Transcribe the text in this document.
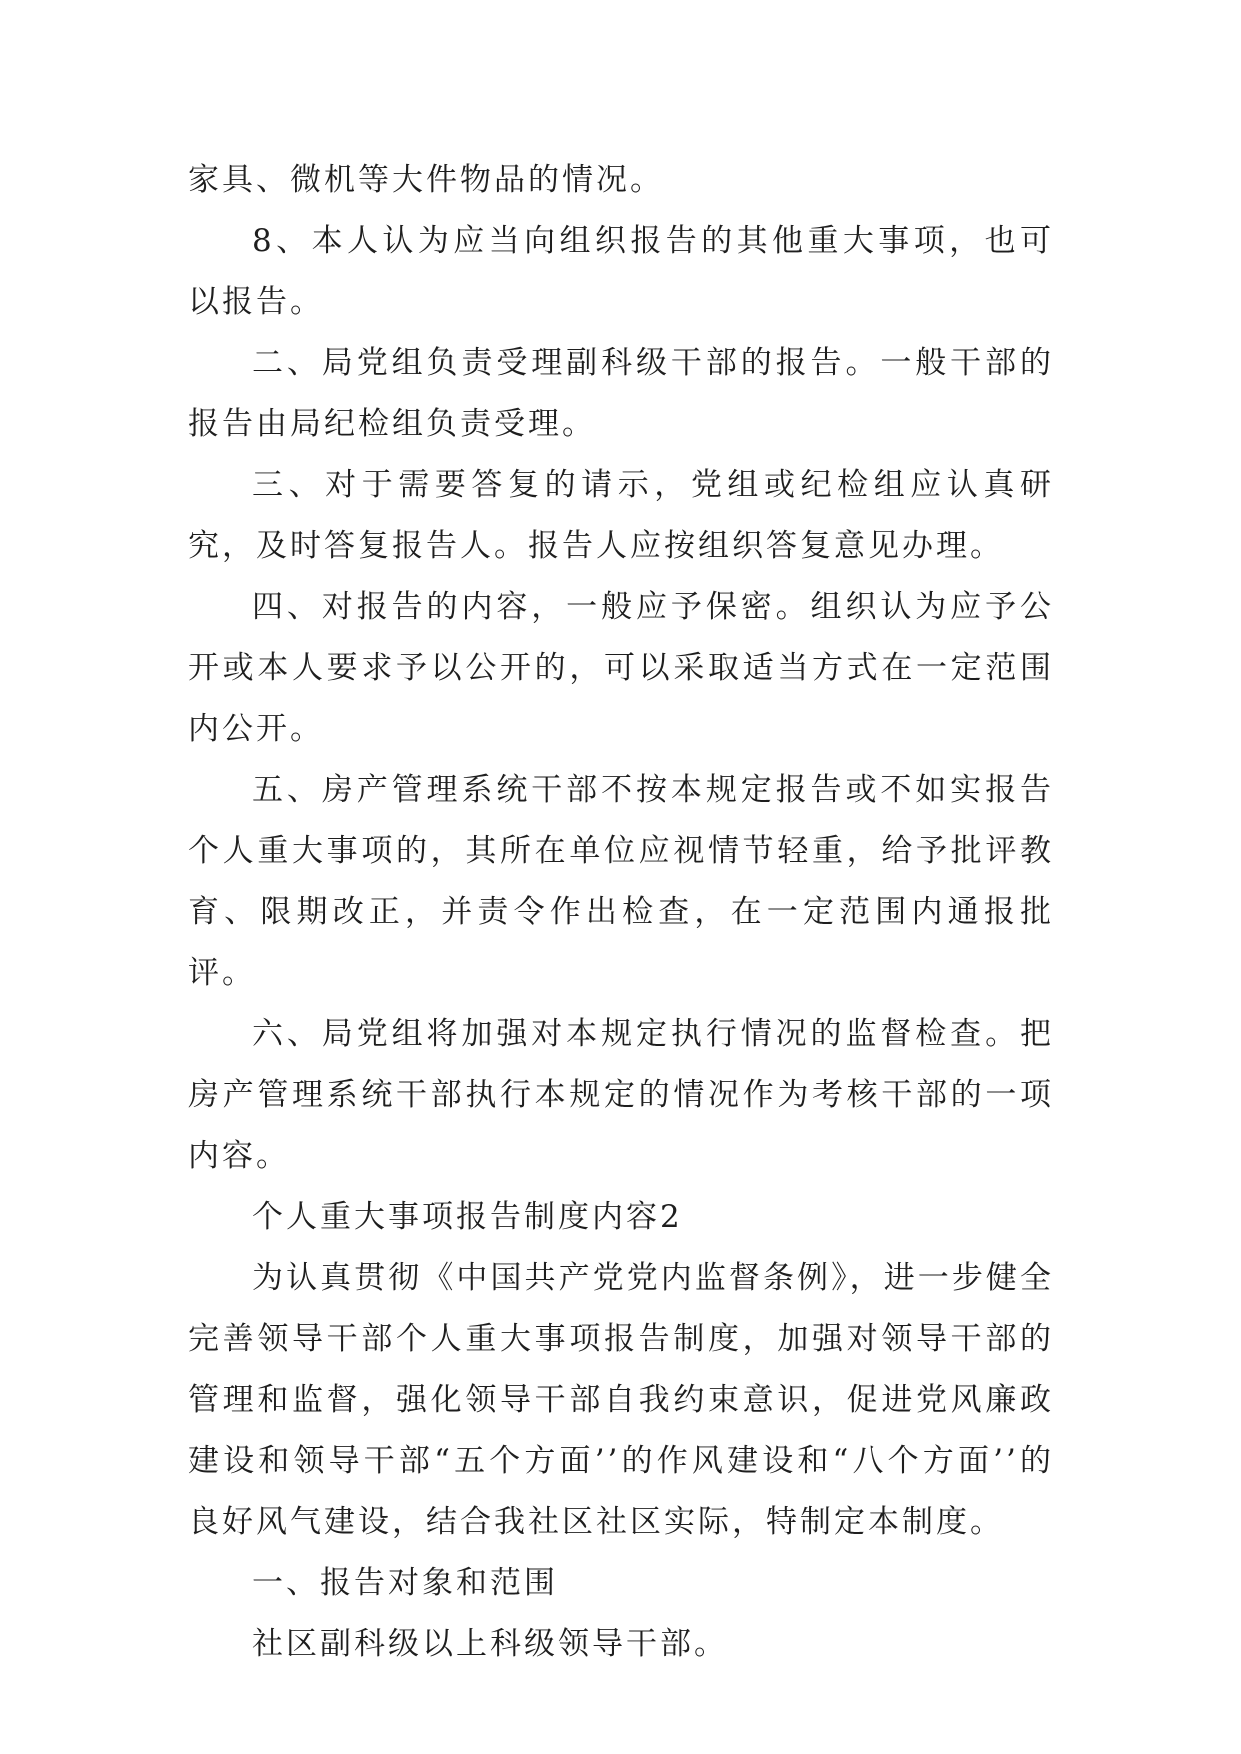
家具、微机等大件物品的情况。

8、本人认为应当向组织报告的其他重大事项，也可以报告。

二、局党组负责受理副科级干部的报告。一般干部的报告由局纪检组负责受理。

三、对于需要答复的请示，党组或纪检组应认真研究，及时答复报告人。报告人应按组织答复意见办理。

四、对报告的内容，一般应予保密。组织认为应予公开或本人要求予以公开的，可以采取适当方式在一定范围内公开。

五、房产管理系统干部不按本规定报告或不如实报告个人重大事项的，其所在单位应视情节轻重，给予批评教育、限期改正，并责令作出检查，在一定范围内通报批评。

六、局党组将加强对本规定执行情况的监督检查。把房产管理系统干部执行本规定的情况作为考核干部的一项内容。

个人重大事项报告制度内容2

为认真贯彻《中国共产党党内监督条例》，进一步健全完善领导干部个人重大事项报告制度，加强对领导干部的管理和监督，强化领导干部自我约束意识，促进党风廉政建设和领导干部“五个方面’’的作风建设和“八个方面’’的良好风气建设，结合我社区社区实际，特制定本制度。

一、报告对象和范围

社区副科级以上科级领导干部。
